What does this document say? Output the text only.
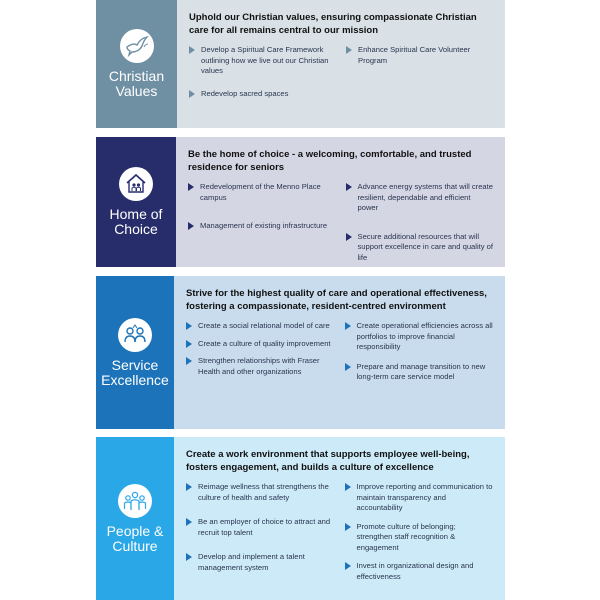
Christian
Values
Uphold our Christian values, ensuring compassionate Christian care for all remains central to our mission
Develop a Spiritual Care Framework outlining how we live out our Christian values
Redevelop sacred spaces
Enhance Spiritual Care Volunteer Program
Home of
Choice
Be the home of choice - a welcoming, comfortable, and trusted residence for seniors
Redevelopment of the Menno Place campus
Management of existing infrastructure
Advance energy systems that will create resilient, dependable and efficient power
Secure additional resources that will support excellence in care and quality of life
Service
Excellence
Strive for the highest quality of care and operational effectiveness, fostering a compassionate, resident-centred environment
Create a social relational model of care
Create a culture of quality improvement
Strengthen relationships with Fraser Health and other organizations
Create operational efficiencies across all portfolios to improve financial responsibility
Prepare and manage transition to new long-term care service model
People &
Culture
Create a work environment that supports employee well-being, fosters engagement, and builds a culture of excellence
Reimage wellness that strengthens the culture of health and safety
Be an employer of choice to attract and recruit top talent
Develop and implement a talent management system
Improve reporting and communication to maintain transparency and accountability
Promote culture of belonging; strengthen staff recognition & engagement
Invest in organizational design and effectiveness
